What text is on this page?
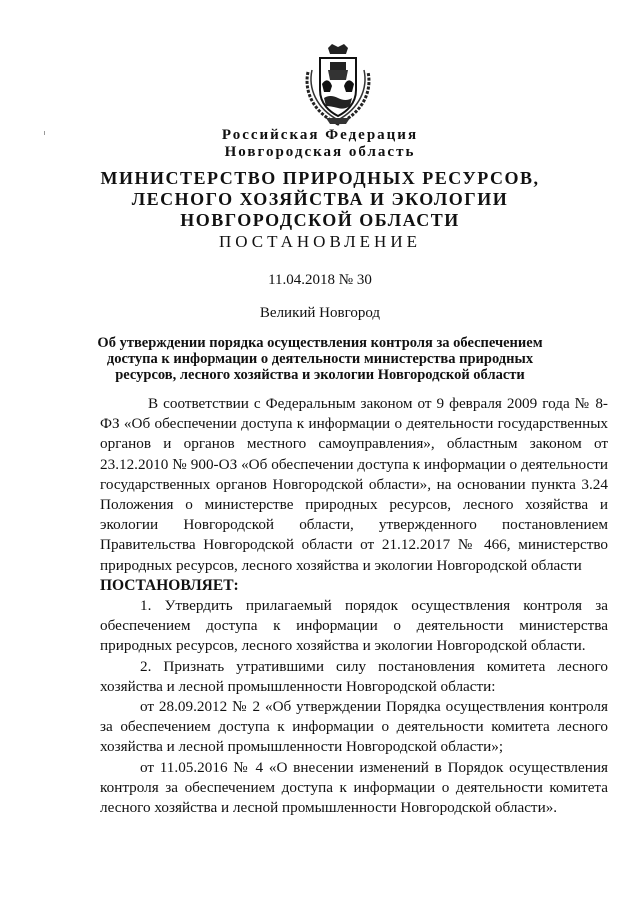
Российская Федерация
Новгородская область
МИНИСТЕРСТВО ПРИРОДНЫХ РЕСУРСОВ,
ЛЕСНОГО ХОЗЯЙСТВА И ЭКОЛОГИИ
НОВГОРОДСКОЙ ОБЛАСТИ
ПОСТАНОВЛЕНИЕ
11.04.2018 № 30
Великий Новгород
Об утверждении порядка осуществления контроля за обеспечением
доступа к информации о деятельности министерства природных
ресурсов, лесного хозяйства и экологии Новгородской области

В соответствии с Федеральным законом от 9 февраля 2009 года № 8-ФЗ «Об обеспечении доступа к информации о деятельности государственных органов и органов местного самоуправления», областным законом от 23.12.2010 № 900-ОЗ «Об обеспечении доступа к информации о деятельности государственных органов Новгородской области», на основании пункта 3.24 Положения о министерстве природных ресурсов, лесного хозяйства и экологии Новгородской области, утвержденного постановлением Правительства Новгородской области от 21.12.2017 № 466, министерство природных ресурсов, лесного хозяйства и экологии Новгородской области

ПОСТАНОВЛЯЕТ:

1. Утвердить прилагаемый порядок осуществления контроля за обеспечением доступа к информации о деятельности министерства природных ресурсов, лесного хозяйства и экологии Новгородской области.

2. Признать утратившими силу постановления комитета лесного хозяйства и лесной промышленности Новгородской области:

от 28.09.2012 № 2 «Об утверждении Порядка осуществления контроля за обеспечением доступа к информации о деятельности комитета лесного хозяйства и лесной промышленности Новгородской области»;

от 11.05.2016 № 4 «О внесении изменений в Порядок осуществления контроля за обеспечением доступа к информации о деятельности комитета лесного хозяйства и лесной промышленности Новгородской области».
